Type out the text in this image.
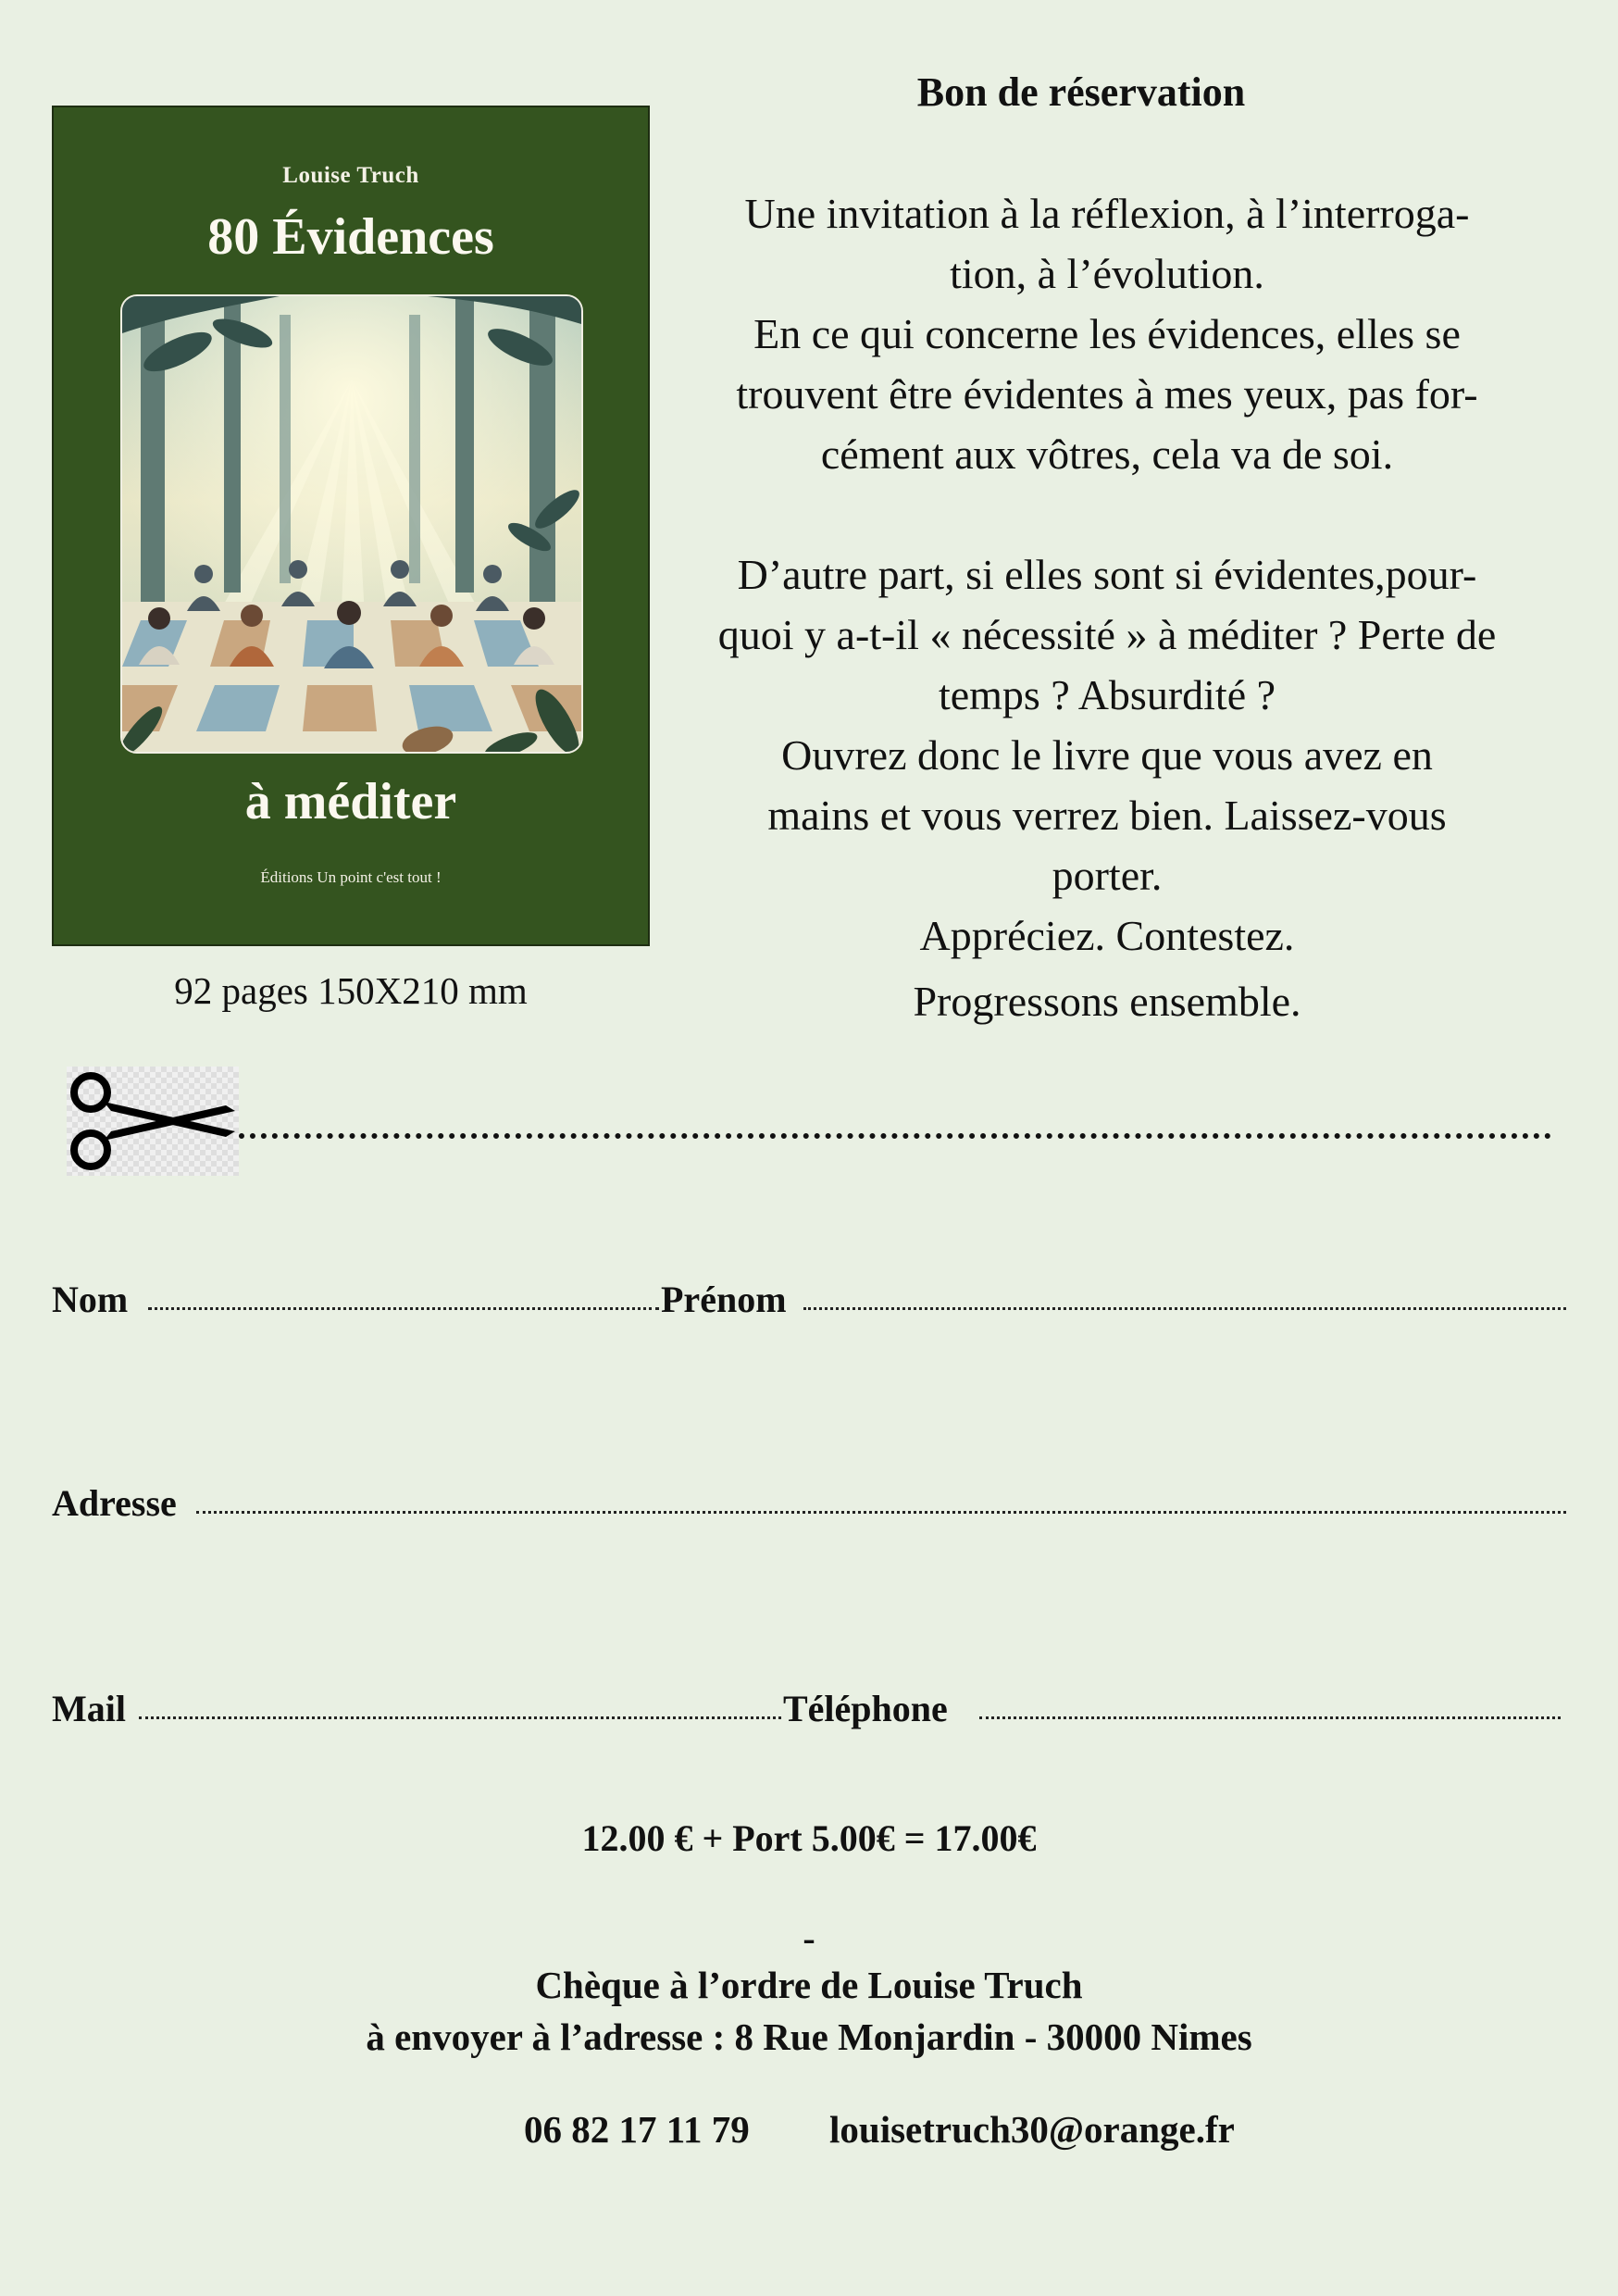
Louise Truch
80 Évidences
à méditer
Éditions Un point c'est tout !
92 pages 150X210 mm
Bon de réservation

Une invitation à la réflexion, à l’interroga-

tion, à l’évolution.

En ce qui concerne les évidences, elles se

trouvent être évidentes à mes yeux, pas for-

cément aux vôtres, cela va de soi.

D’autre part, si elles sont si évidentes,pour-

quoi y a-t-il « nécessité » à méditer ? Perte de

temps ? Absurdité ?

Ouvrez donc le livre que vous avez en

mains et vous verrez bien. Laissez-vous

porter.

Appréciez. Contestez.

Progressons ensemble.

Nom	Prénom
Adresse
Mail	Téléphone
12.00 € + Port 5.00€ = 17.00€
-
Chèque à l’ordre de Louise Truch
à envoyer à l’adresse : 8 Rue Monjardin - 30000 Nimes
06 82 17 11 79 louisetruch30@orange.fr
